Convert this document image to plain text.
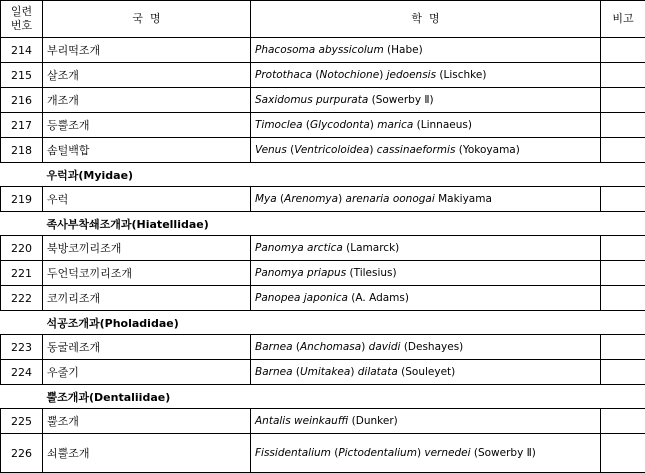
일련
번호	국  명	학  명	비고
214	부리떡조개	Phacosoma abyssicolum (Habe)	
215	살조개	Protothaca (Notochione) jedoensis (Lischke)	
216	개조개	Saxidomus purpurata (Sowerby Ⅱ)	
217	등뿔조개	Timoclea (Glycodonta) marica (Linnaeus)	
218	솜털백합	Venus (Ventricoloidea) cassinaeformis (Yokoyama)	
우럭과(Myidae)			
219	우럭	Mya (Arenomya) arenaria oonogai Makiyama	
족사부착쇄조개과(Hiatellidae)			
220	북방코끼리조개	Panomya arctica (Lamarck)	
221	두언덕코끼리조개	Panomya priapus (Tilesius)	
222	코끼리조개	Panopea japonica (A. Adams)	
석공조개과(Pholadidae)			
223	동굴레조개	Barnea (Anchomasa) davidi (Deshayes)	
224	우줄기	Barnea (Umitakea) dilatata (Souleyet)	
뿔조개과(Dentaliidae)			
225	뿔조개	Antalis weinkauffi (Dunker)	
226	쇠뿔조개	Fissidentalium (Pictodentalium) vernedei (Sowerby Ⅱ)	
